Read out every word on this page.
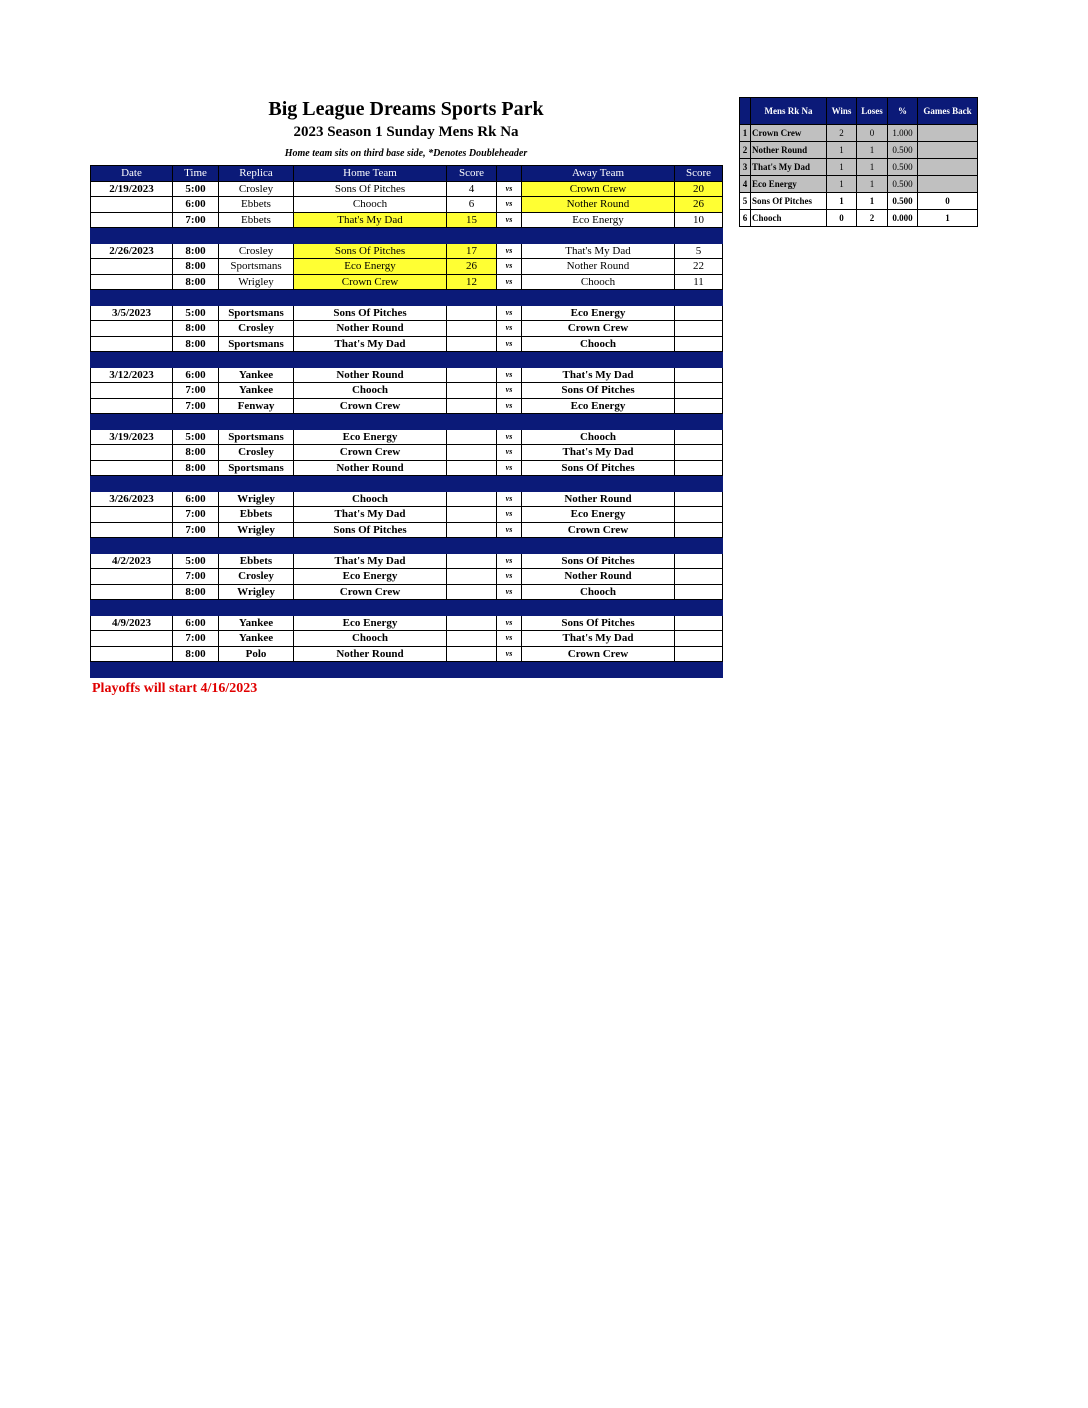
Big League Dreams Sports Park
2023 Season 1 Sunday Mens Rk Na
Home team sits on third base side, *Denotes Doubleheader
Date	Time	Replica	Home Team	Score		Away Team	Score
2/19/2023	5:00	Crosley	Sons Of Pitches	4	vs	Crown Crew	20
	6:00	Ebbets	Chooch	6	vs	Nother Round	26
	7:00	Ebbets	That's My Dad	15	vs	Eco Energy	10

2/26/2023	8:00	Crosley	Sons Of Pitches	17	vs	That's My Dad	5
	8:00	Sportsmans	Eco Energy	26	vs	Nother Round	22
	8:00	Wrigley	Crown Crew	12	vs	Chooch	11

3/5/2023	5:00	Sportsmans	Sons Of Pitches		vs	Eco Energy	
	8:00	Crosley	Nother Round		vs	Crown Crew	
	8:00	Sportsmans	That's My Dad		vs	Chooch	

3/12/2023	6:00	Yankee	Nother Round		vs	That's My Dad	
	7:00	Yankee	Chooch		vs	Sons Of Pitches	
	7:00	Fenway	Crown Crew		vs	Eco Energy	

3/19/2023	5:00	Sportsmans	Eco Energy		vs	Chooch	
	8:00	Crosley	Crown Crew		vs	That's My Dad	
	8:00	Sportsmans	Nother Round		vs	Sons Of Pitches	

3/26/2023	6:00	Wrigley	Chooch		vs	Nother Round	
	7:00	Ebbets	That's My Dad		vs	Eco Energy	
	7:00	Wrigley	Sons Of Pitches		vs	Crown Crew	

4/2/2023	5:00	Ebbets	That's My Dad		vs	Sons Of Pitches	
	7:00	Crosley	Eco Energy		vs	Nother Round	
	8:00	Wrigley	Crown Crew		vs	Chooch	

4/9/2023	6:00	Yankee	Eco Energy		vs	Sons Of Pitches	
	7:00	Yankee	Chooch		vs	That's My Dad	
	8:00	Polo	Nother Round		vs	Crown Crew	

	Mens Rk Na	Wins	Loses	%	Games Back
1	Crown Crew	2	0	1.000	
2	Nother Round	1	1	0.500	
3	That's My Dad	1	1	0.500	
4	Eco Energy	1	1	0.500	
5	Sons Of Pitches	1	1	0.500	0
6	Chooch	0	2	0.000	1
Playoffs will start 4/16/2023
